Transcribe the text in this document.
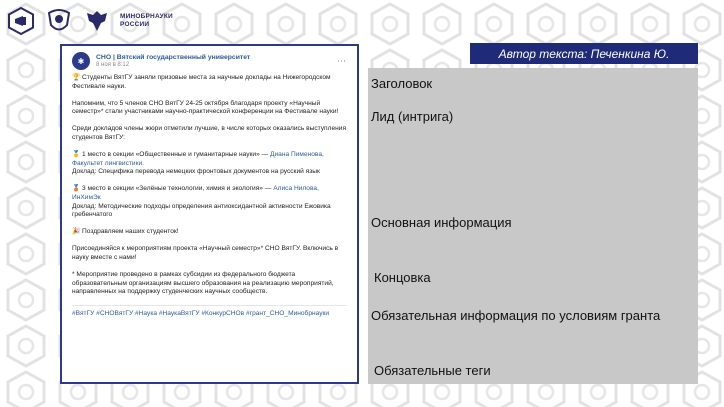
МИНОБРНАУКИ
РОССИИ
✱	СНО | Вятский государственный университет
8 ноя в 8:12	⋯

🏆 Студенты ВятГУ заняли призовые места за научные доклады на Нижегородском Фестивале науки.

Напомним, что 5 членов СНО ВятГУ 24-25 октября благодаря проекту «Научный семестр»* стали участниками научно-практической конференции на Фестивале науки!

Среди докладов члены жюри отметили лучшие, в числе которых оказались выступления студентов ВятГУ:

🥇 1 место в секции «Общественные и гуманитарные науки» — Диана Пименова, Факультет лингвистики.
Доклад: Специфика перевода немецких фронтовых документов на русский язык

🥉 3 место в секции «Зелёные технологии, химия и экология» — Алиса Нилова, ИнХимЭк
Доклад: Методические подходы определения антиоксидантной активности Ежовика гребенчатого

🎉 Поздравляем наших студенток!

Присоединяйся к мероприятиям проекта «Научный семестр»* СНО ВятГУ. Включись в науку вместе с нами!

* Мероприятие проведено в рамках субсидии из федерального бюджета образовательным организациям высшего образования на реализацию мероприятий, направленных на поддержку студенческих научных сообществ.

#ВятГУ #СНОВятГУ #Наука #НаукаВятГУ #КонкурСНОв #грант_СНО_Минобрнауки
Автор текста: Печенкина Ю.
Заголовок
Лид (интрига)
Основная информация
Концовка
Обязательная информация по условиям гранта
Обязательные теги
